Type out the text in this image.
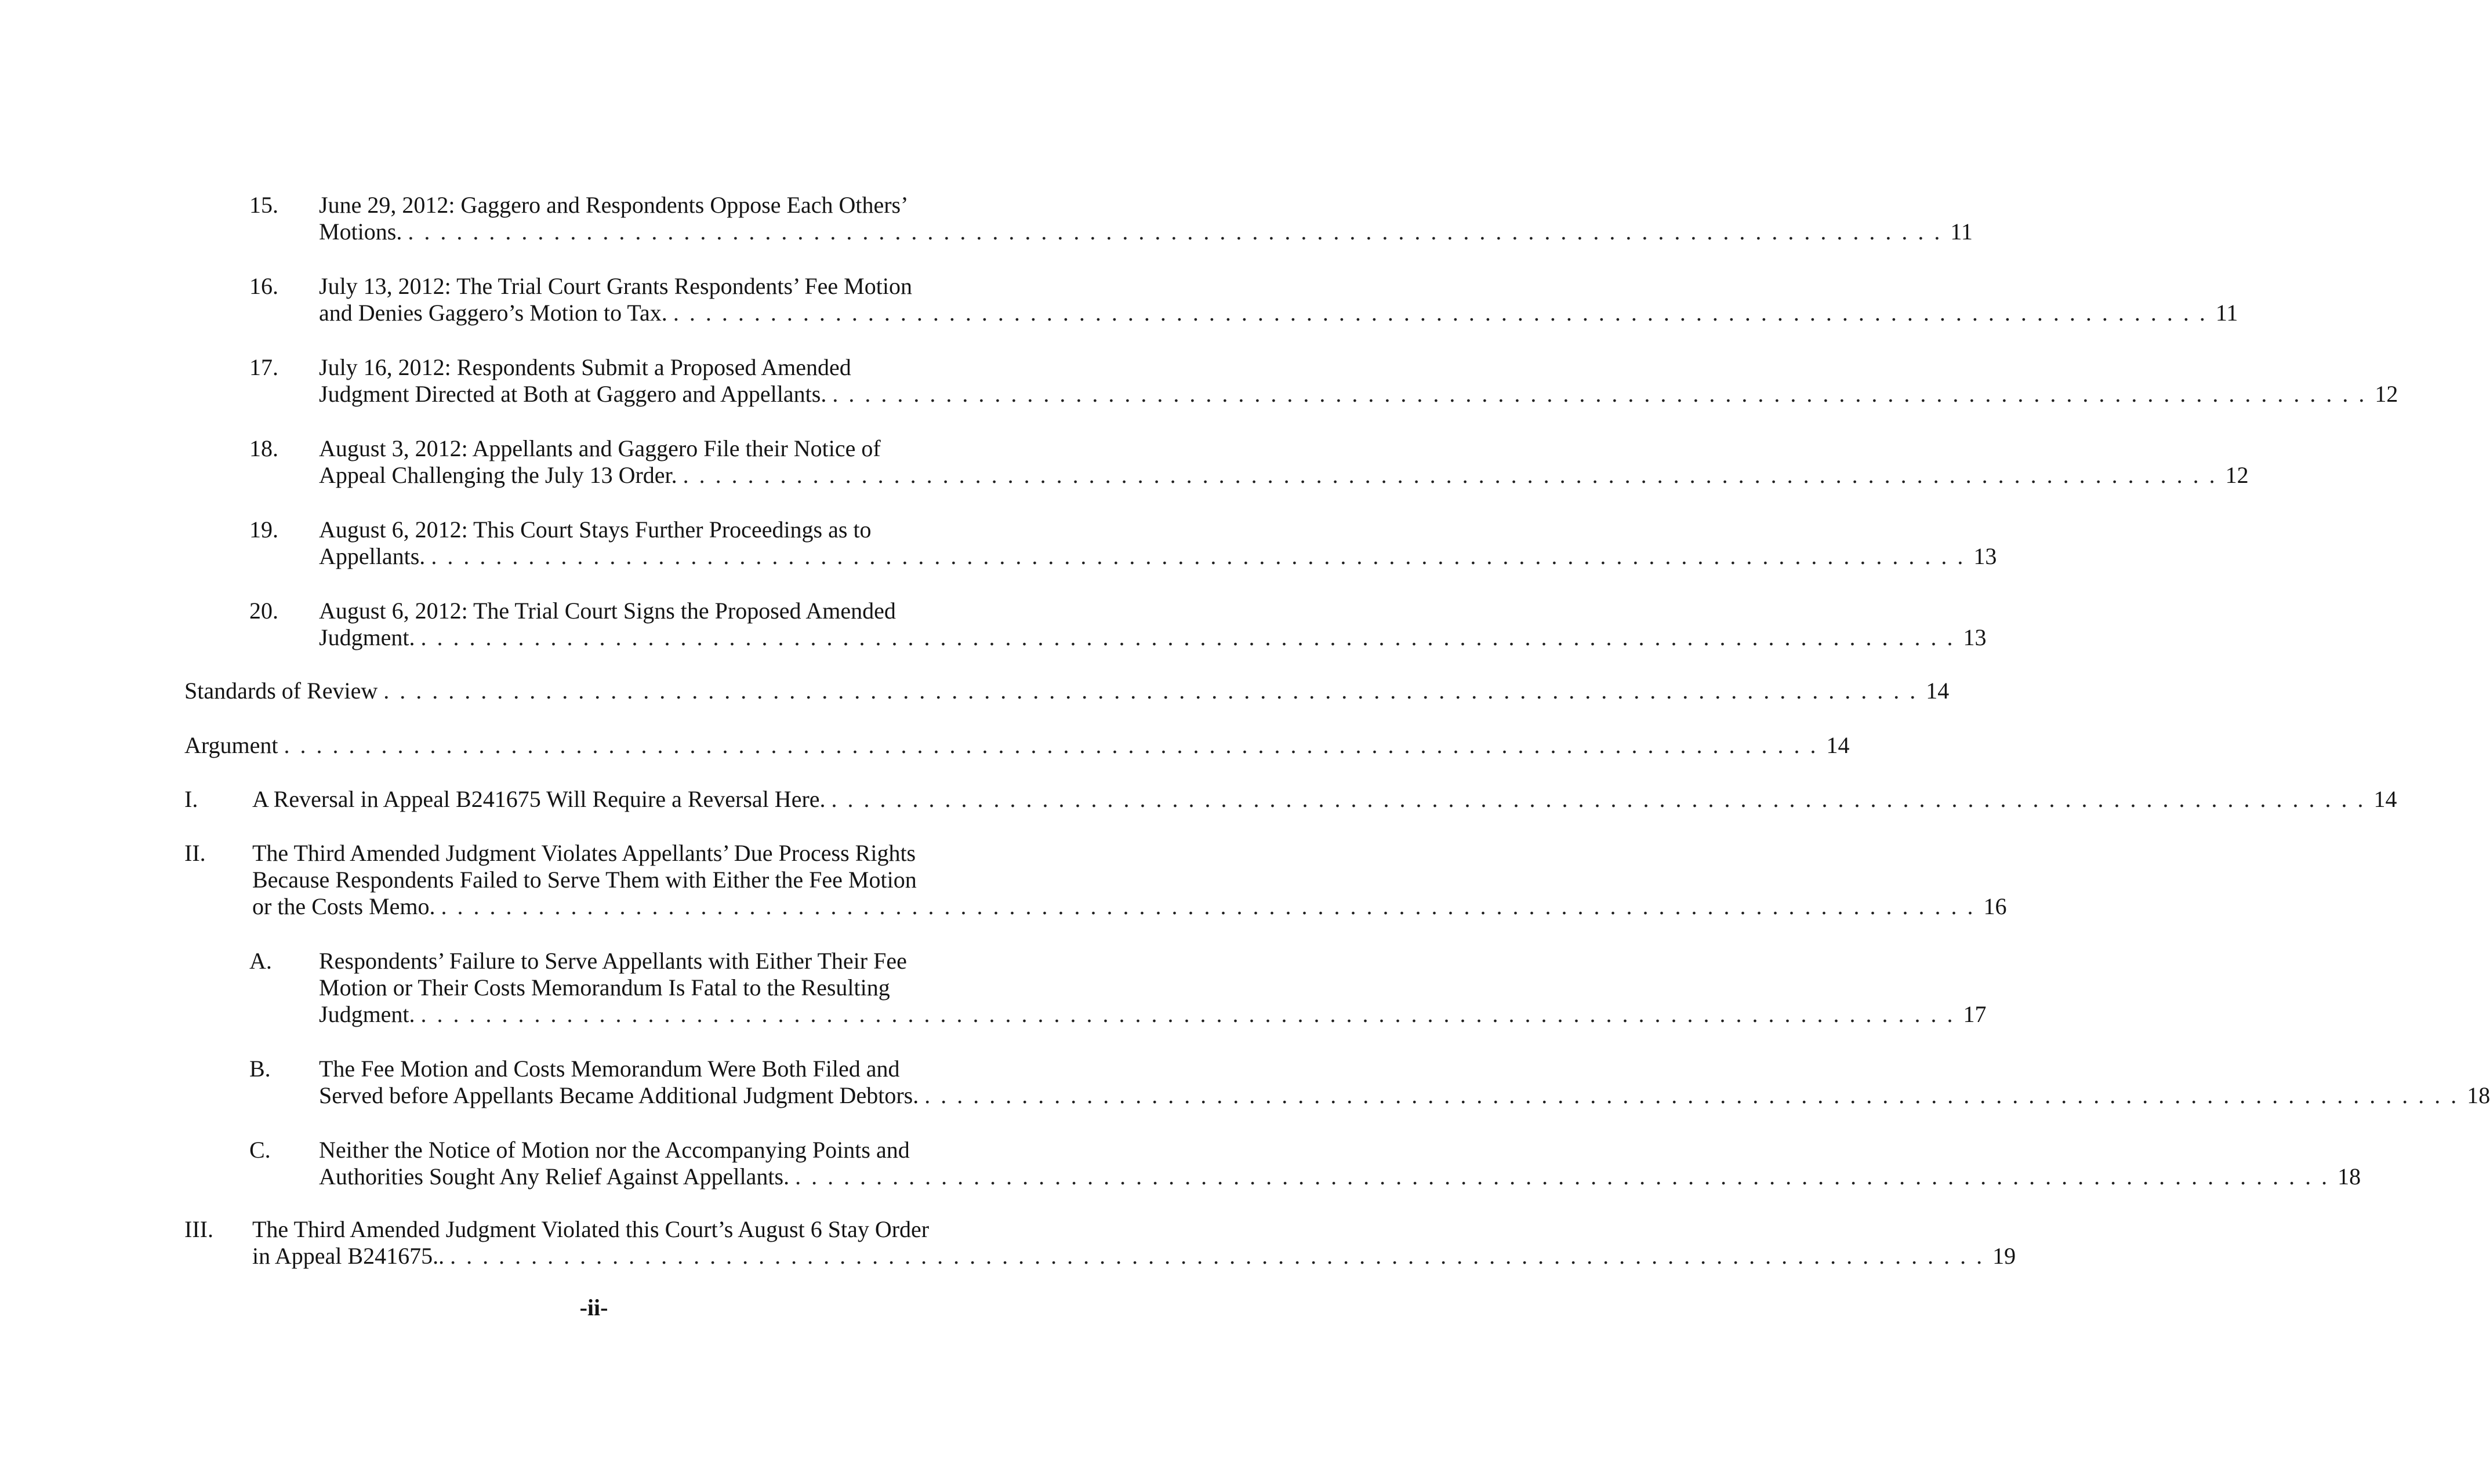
15. June 29, 2012: Gaggero and Respondents Oppose Each Others’
Motions. . . . . . . . . . . . . . . . . . . . . . . . . . . . . . . . . . . . . . . . . . . . . . . . . . . . . . . . . . . . . . . . . . . . . . . . . . . . . . . . . . . . . . . . . . . . . . . . 11
16. July 13, 2012: The Trial Court Grants Respondents’ Fee Motion
and Denies Gaggero’s Motion to Tax. . . . . . . . . . . . . . . . . . . . . . . . . . . . . . . . . . . . . . . . . . . . . . . . . . . . . . . . . . . . . . . . . . . . . . . . . . . . . . . . . . . . . . . . . . . . . . . . 11
17. July 16, 2012: Respondents Submit a Proposed Amended
Judgment Directed at Both at Gaggero and Appellants. . . . . . . . . . . . . . . . . . . . . . . . . . . . . . . . . . . . . . . . . . . . . . . . . . . . . . . . . . . . . . . . . . . . . . . . . . . . . . . . . . . . . . . . . . . . . . . . 12
18. August 3, 2012: Appellants and Gaggero File their Notice of
Appeal Challenging the July 13 Order. . . . . . . . . . . . . . . . . . . . . . . . . . . . . . . . . . . . . . . . . . . . . . . . . . . . . . . . . . . . . . . . . . . . . . . . . . . . . . . . . . . . . . . . . . . . . . . . 12
19. August 6, 2012: This Court Stays Further Proceedings as to
Appellants. . . . . . . . . . . . . . . . . . . . . . . . . . . . . . . . . . . . . . . . . . . . . . . . . . . . . . . . . . . . . . . . . . . . . . . . . . . . . . . . . . . . . . . . . . . . . . . . 13
20. August 6, 2012: The Trial Court Signs the Proposed Amended
Judgment. . . . . . . . . . . . . . . . . . . . . . . . . . . . . . . . . . . . . . . . . . . . . . . . . . . . . . . . . . . . . . . . . . . . . . . . . . . . . . . . . . . . . . . . . . . . . . . . 13
Standards of Review . . . . . . . . . . . . . . . . . . . . . . . . . . . . . . . . . . . . . . . . . . . . . . . . . . . . . . . . . . . . . . . . . . . . . . . . . . . . . . . . . . . . . . . . . . . . . . . 14
Argument . . . . . . . . . . . . . . . . . . . . . . . . . . . . . . . . . . . . . . . . . . . . . . . . . . . . . . . . . . . . . . . . . . . . . . . . . . . . . . . . . . . . . . . . . . . . . . . 14
I. A Reversal in Appeal B241675 Will Require a Reversal Here. . . . . . . . . . . . . . . . . . . . . . . . . . . . . . . . . . . . . . . . . . . . . . . . . . . . . . . . . . . . . . . . . . . . . . . . . . . . . . . . . . . . . . . . . . . . . . . . 14
II. The Third Amended Judgment Violates Appellants’ Due Process Rights
Because Respondents Failed to Serve Them with Either the Fee Motion
or the Costs Memo. . . . . . . . . . . . . . . . . . . . . . . . . . . . . . . . . . . . . . . . . . . . . . . . . . . . . . . . . . . . . . . . . . . . . . . . . . . . . . . . . . . . . . . . . . . . . . . . 16
A. Respondents’ Failure to Serve Appellants with Either Their Fee
Motion or Their Costs Memorandum Is Fatal to the Resulting
Judgment. . . . . . . . . . . . . . . . . . . . . . . . . . . . . . . . . . . . . . . . . . . . . . . . . . . . . . . . . . . . . . . . . . . . . . . . . . . . . . . . . . . . . . . . . . . . . . . . 17
B. The Fee Motion and Costs Memorandum Were Both Filed and
Served before Appellants Became Additional Judgment Debtors. . . . . . . . . . . . . . . . . . . . . . . . . . . . . . . . . . . . . . . . . . . . . . . . . . . . . . . . . . . . . . . . . . . . . . . . . . . . . . . . . . . . . . . . . . . . . . . . 18
C. Neither the Notice of Motion nor the Accompanying Points and
Authorities Sought Any Relief Against Appellants. . . . . . . . . . . . . . . . . . . . . . . . . . . . . . . . . . . . . . . . . . . . . . . . . . . . . . . . . . . . . . . . . . . . . . . . . . . . . . . . . . . . . . . . . . . . . . . . 18
III. The Third Amended Judgment Violated this Court’s August 6 Stay Order
in Appeal B241675.. . . . . . . . . . . . . . . . . . . . . . . . . . . . . . . . . . . . . . . . . . . . . . . . . . . . . . . . . . . . . . . . . . . . . . . . . . . . . . . . . . . . . . . . . . . . . . . . 19
-ii-
